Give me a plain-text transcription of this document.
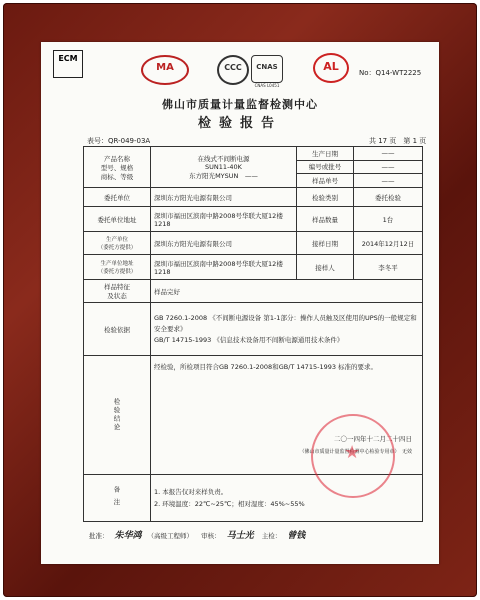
ECM
MA	CCC	CNAS
CNAS L0451
AL	No：Q14-WT2225
佛山市质量计量监督检测中心
检验报告
表号：QR-049-03A	共 17 页　第 1 页
产品名称
型号、规格
商标、等级	在线式不间断电源
SUN11-40K
东方阳光MYSUN　——	生产日期	——
		编号或批号	——
		样品单号	——
委托单位	深圳东方阳光电源有限公司	检验类别	委托检验
委托单位地址	深圳市福田区滨南中路2008号华联大厦12楼1218	样品数量	1台
生产单位
（委托方提供）	深圳东方阳光电源有限公司	接样日期	2014年12月12日
生产单位地址
（委托方提供）	深圳市福田区滨南中路2008号华联大厦12楼1218	接样人	李冬平
样品特征
及状态	样品完好		
检验依据	GB 7260.1-2008 《不间断电源设备 第1-1部分：操作人员触及区使用的UPS的一般规定和安全要求》
GB/T 14715-1993 《信息技术设备用不间断电源通用技术条件》		
检验结论	经检验，所检项目符合GB 7260.1-2008和GB/T 14715-1993 标准的要求。
二〇一四年十二月二十四日
（佛山市质量计量监督检测中心检验专用章）　无效		

备注	1. 本报告仅对来样负责。
2. 环境温度：22℃~25℃；相对湿度：45%~55%		
★
批准： 朱华鸿 （高级工程师） 审核： 马士光 主检： 曾钱
